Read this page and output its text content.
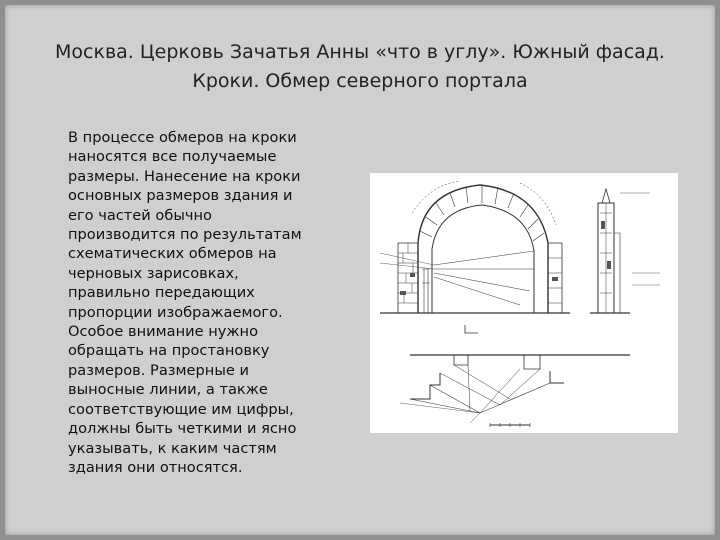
Москва. Церковь Зачатья Анны «что в углу». Южный фасад.
Кроки. Обмер северного портала
В процессе обмеров на кроки
наносятся все получаемые
размеры. Нанесение на кроки
основных размеров здания и
его частей обычно
производится по результатам
схематических обмеров на
черновых зарисовках,
правильно передающих
пропорции изображаемого.
Особое внимание нужно
обращать на простановку
размеров. Размерные и
выносные линии, а также
соответствующие им цифры,
должны быть четкими и ясно
указывать, к каким частям
здания они относятся.
